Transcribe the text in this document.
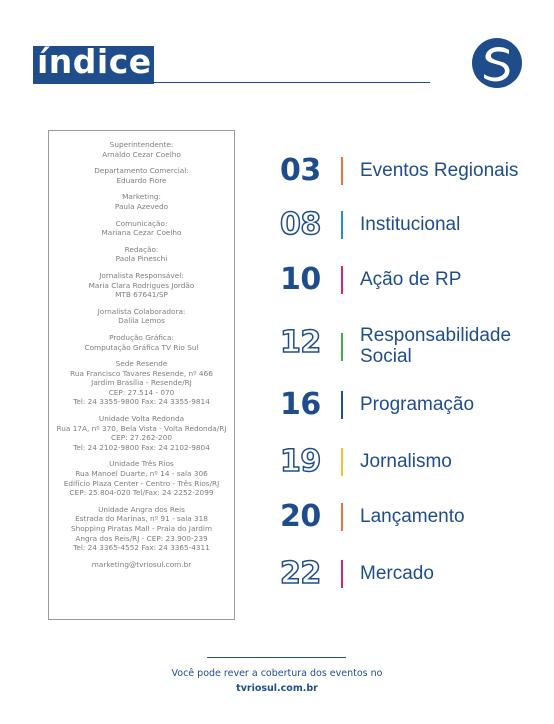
índice
Superintendente:
Arnaldo Cezar Coelho
Departamento Comercial:
Eduardo Fiore
Marketing:
Paula Azevedo
Comunicação:
Mariana Cezar Coelho
Redação:
Paola Pineschi
Jornalista Responsável:
Maria Clara Rodrigues Jordão
MTB 67641/SP
Jornalista Colaboradora:
Dalila Lemos
Produção Gráfica:
Computação Gráfica TV Rio Sul
Sede Resende
Rua Francisco Tavares Resende, nº 466
Jardim Brasília - Resende/RJ
CEP: 27.514 - 070
Tel: 24 3355-9800 Fax: 24 3355-9814
Unidade Volta Redonda
Rua 17A, nº 370, Bela Vista - Volta Redonda/RJ
CEP: 27.262-200
Tel: 24 2102-9800 Fax: 24 2102-9804
Unidade Três Rios
Rua Manoel Duarte, nº 14 - sala 306
Edifício Plaza Center - Centro - Três Rios/RJ
CEP: 25.804-020 Tel/Fax: 24 2252-2099
Unidade Angra dos Reis
Estrada do Marinas, nº 91 - sala 318
Shopping Piratas Mall - Praia do Jardim
Angra dos Reis/RJ - CEP: 23.900-239
Tel: 24 3365-4552 Fax: 24 3365-4311
marketing@tvriosul.com.br
03	Eventos Regionais
08	Institucional
10	Ação de RP
12	Responsabilidade
Social
16	Programação
19	Jornalismo
20	Lançamento
22	Mercado
Você pode rever a cobertura dos eventos no
tvriosul.com.br
